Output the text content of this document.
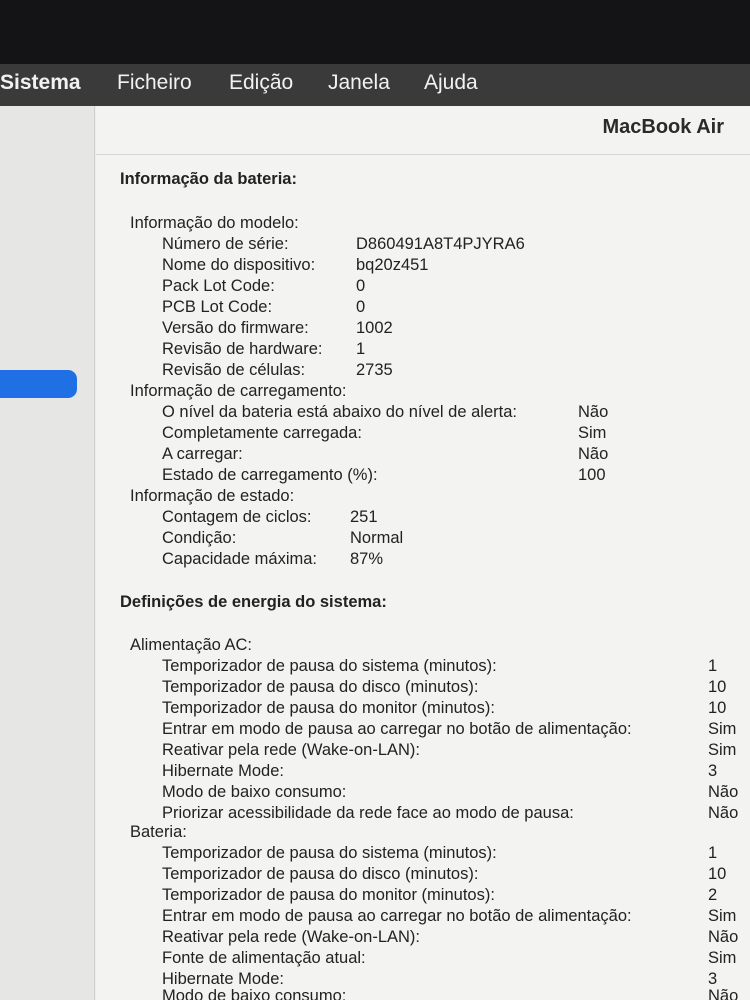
Sistema Ficheiro Edição Janela Ajuda
MacBook Air
Informação da bateria:
Informação do modelo:
Número de série:	D860491A8T4PJYRA6
Nome do dispositivo: bq20z451
Pack Lot Code:	0
PCB Lot Code:	0
Versão do firmware:	1002
Revisão de hardware: 1
Revisão de células:	2735
Informação de carregamento:
O nível da bateria está abaixo do nível de alerta:	Não
Completamente carregada:	Sim
A carregar:	Não
Estado de carregamento (%):	100
Informação de estado:
Contagem de ciclos: 251
Condição:	Normal
Capacidade máxima: 87%
Definições de energia do sistema:
Alimentação AC:
Temporizador de pausa do sistema (minutos):	1
Temporizador de pausa do disco (minutos):	10
Temporizador de pausa do monitor (minutos):	10
Entrar em modo de pausa ao carregar no botão de alimentação:	Sim
Reativar pela rede (Wake-on-LAN):	Sim
Hibernate Mode:	3
Modo de baixo consumo:	Não
Priorizar acessibilidade da rede face ao modo de pausa:	Não
Bateria:
Temporizador de pausa do sistema (minutos):	1
Temporizador de pausa do disco (minutos):	10
Temporizador de pausa do monitor (minutos):	2
Entrar em modo de pausa ao carregar no botão de alimentação:	Sim
Reativar pela rede (Wake-on-LAN):	Não
Fonte de alimentação atual:	Sim
Hibernate Mode:	3
Modo de baixo consumo:	Não
